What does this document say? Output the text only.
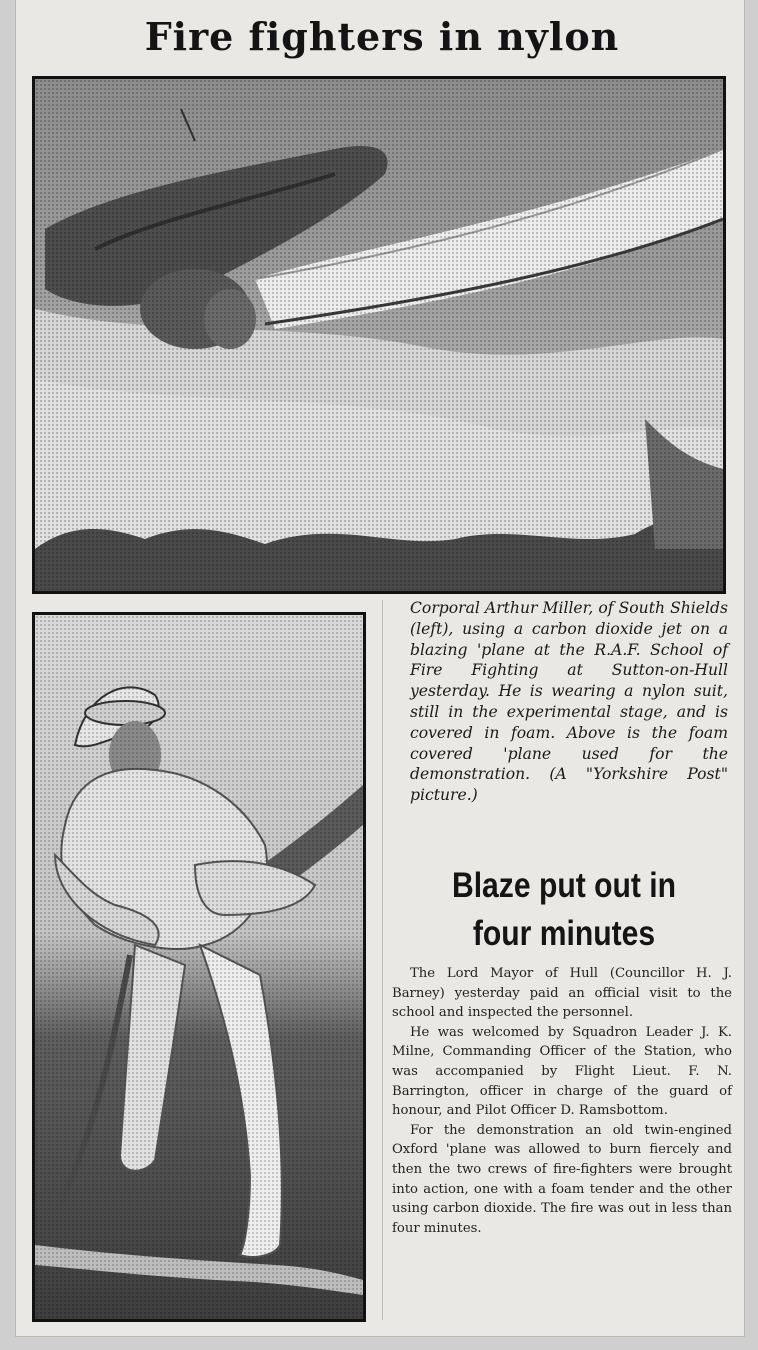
Fire fighters in nylon
Corporal Arthur Miller, of South Shields (left), using a carbon dioxide jet on a blazing 'plane at the R.A.F. School of Fire Fighting at Sutton-on-Hull yesterday. He is wearing a nylon suit, still in the experimental stage, and is covered in foam. Above is the foam covered 'plane used for the demonstration. (A "Yorkshire Post" picture.)
Blaze put out in
four minutes

The Lord Mayor of Hull (Councillor H. J. Barney) yesterday paid an official visit to the school and inspected the personnel.

He was welcomed by Squadron Leader J. K. Milne, Commanding Officer of the Station, who was accompanied by Flight Lieut. F. N. Barrington, officer in charge of the guard of honour, and Pilot Officer D. Ramsbottom.

For the demonstration an old twin-engined Oxford 'plane was allowed to burn fiercely and then the two crews of fire-fighters were brought into action, one with a foam tender and the other using carbon dioxide. The fire was out in less than four minutes.
